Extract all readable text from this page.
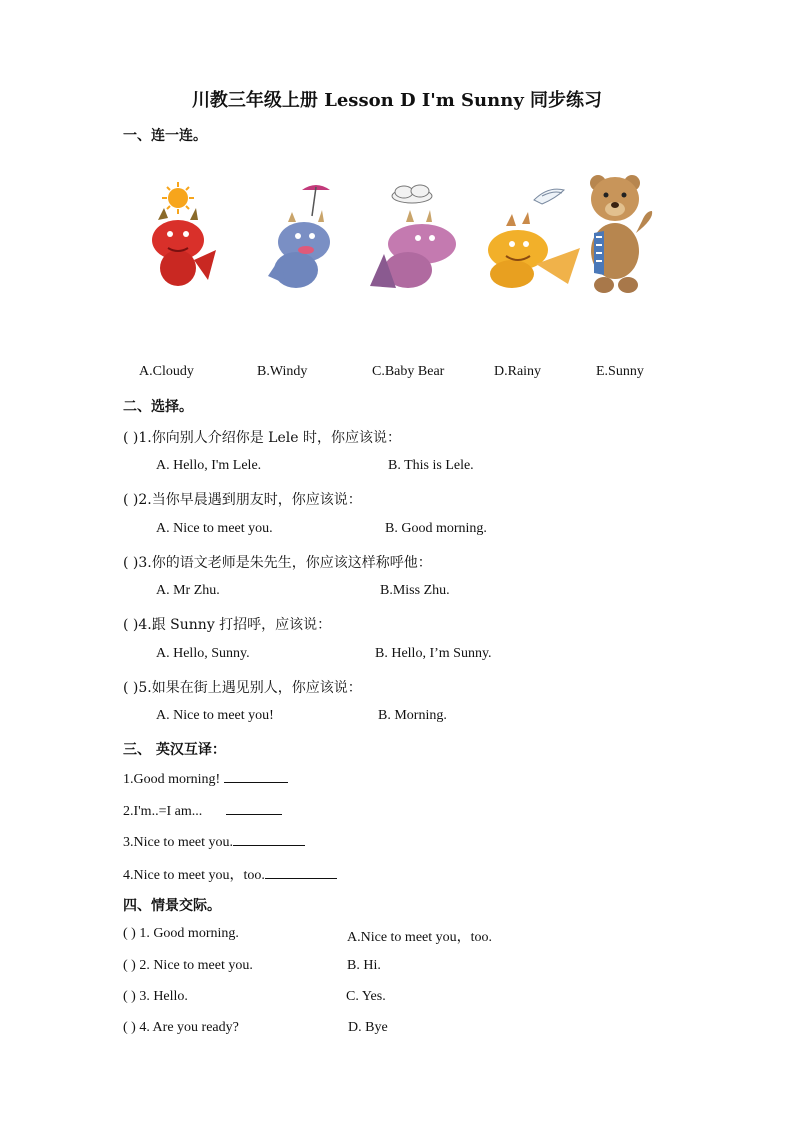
川教三年级上册 Lesson D I'm Sunny 同步练习
一、连一连。
A.Cloudy	B.Windy	C.Baby Bear	D.Rainy	E.Sunny
二、选择。
( )1.你向别人介绍你是 Lele 时，你应该说：
A. Hello, I'm Lele.	B. This is Lele.
( )2.当你早晨遇到朋友时，你应该说：
A. Nice to meet you.	B. Good morning.
( )3.你的语文老师是朱先生，你应该这样称呼他：
A. Mr Zhu.	B.Miss Zhu.
( )4.跟 Sunny 打招呼，应该说：
A. Hello, Sunny.	B. Hello, I’m Sunny.
( )5.如果在街上遇见别人，你应该说：
A. Nice to meet you!	B. Morning.
三、 英汉互译：
1.Good morning!
2.I'm..=I am...
3.Nice to meet you.
4.Nice to meet you，too.
四、情景交际。
( ) 1. Good morning.	A.Nice to meet you，too.
( ) 2. Nice to meet you.	B. Hi.
( ) 3. Hello.	C. Yes.
( ) 4. Are you ready?	D. Bye
